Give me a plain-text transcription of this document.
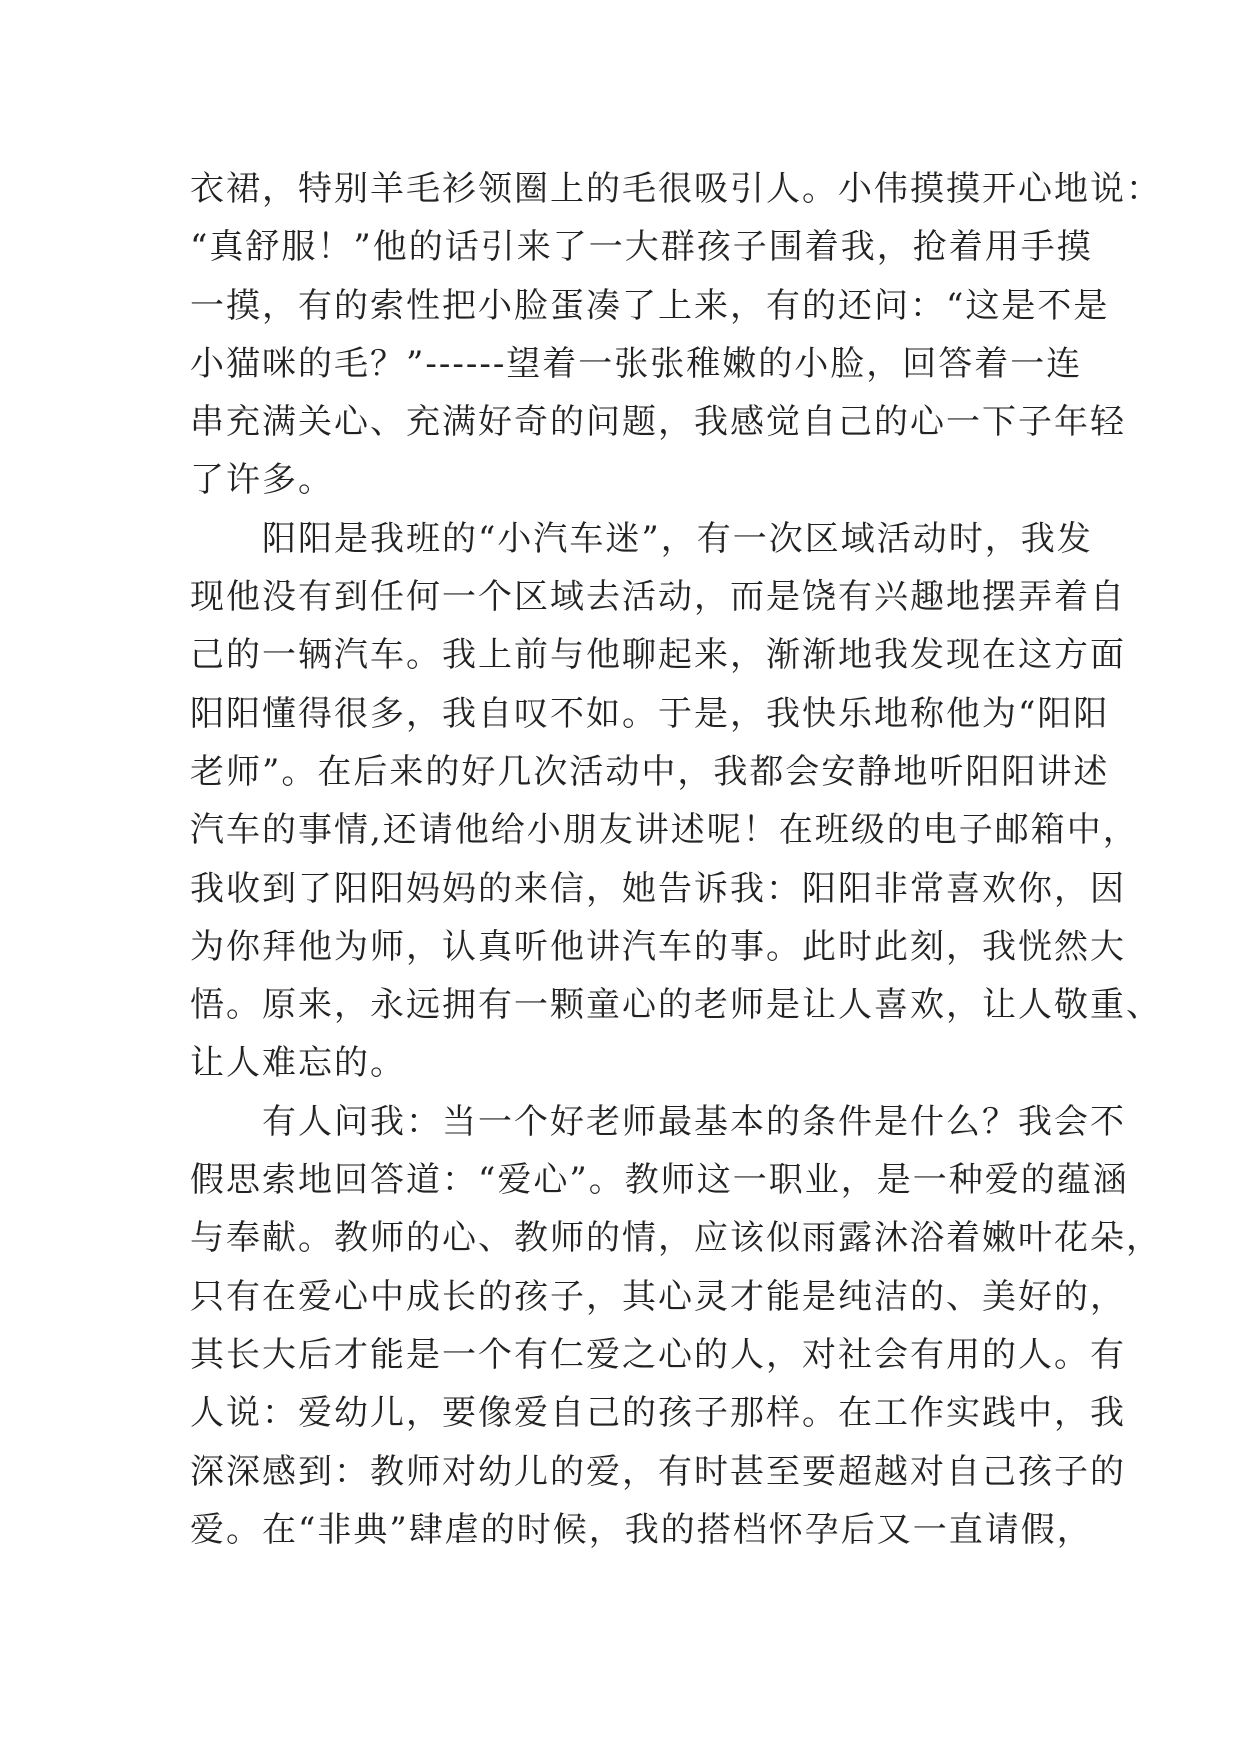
衣裙，特别羊毛衫领圈上的毛很吸引人。小伟摸摸开心地说：
“真舒服！”他的话引来了一大群孩子围着我，抢着用手摸
一摸，有的索性把小脸蛋凑了上来，有的还问：“这是不是
小猫咪的毛？”------望着一张张稚嫩的小脸，回答着一连
串充满关心、充满好奇的问题，我感觉自己的心一下子年轻
了许多。
阳阳是我班的“小汽车迷”，有一次区域活动时，我发
现他没有到任何一个区域去活动，而是饶有兴趣地摆弄着自
己的一辆汽车。我上前与他聊起来，渐渐地我发现在这方面
阳阳懂得很多，我自叹不如。于是，我快乐地称他为“阳阳
老师”。在后来的好几次活动中，我都会安静地听阳阳讲述
汽车的事情,还请他给小朋友讲述呢！在班级的电子邮箱中，
我收到了阳阳妈妈的来信，她告诉我：阳阳非常喜欢你，因
为你拜他为师，认真听他讲汽车的事。此时此刻，我恍然大
悟。原来，永远拥有一颗童心的老师是让人喜欢，让人敬重、
让人难忘的。
有人问我：当一个好老师最基本的条件是什么？我会不
假思索地回答道：“爱心”。教师这一职业，是一种爱的蕴涵
与奉献。教师的心、教师的情，应该似雨露沐浴着嫩叶花朵，
只有在爱心中成长的孩子，其心灵才能是纯洁的、美好的，
其长大后才能是一个有仁爱之心的人，对社会有用的人。有
人说：爱幼儿，要像爱自己的孩子那样。在工作实践中，我
深深感到：教师对幼儿的爱，有时甚至要超越对自己孩子的
爱。在“非典”肆虐的时候，我的搭档怀孕后又一直请假，
